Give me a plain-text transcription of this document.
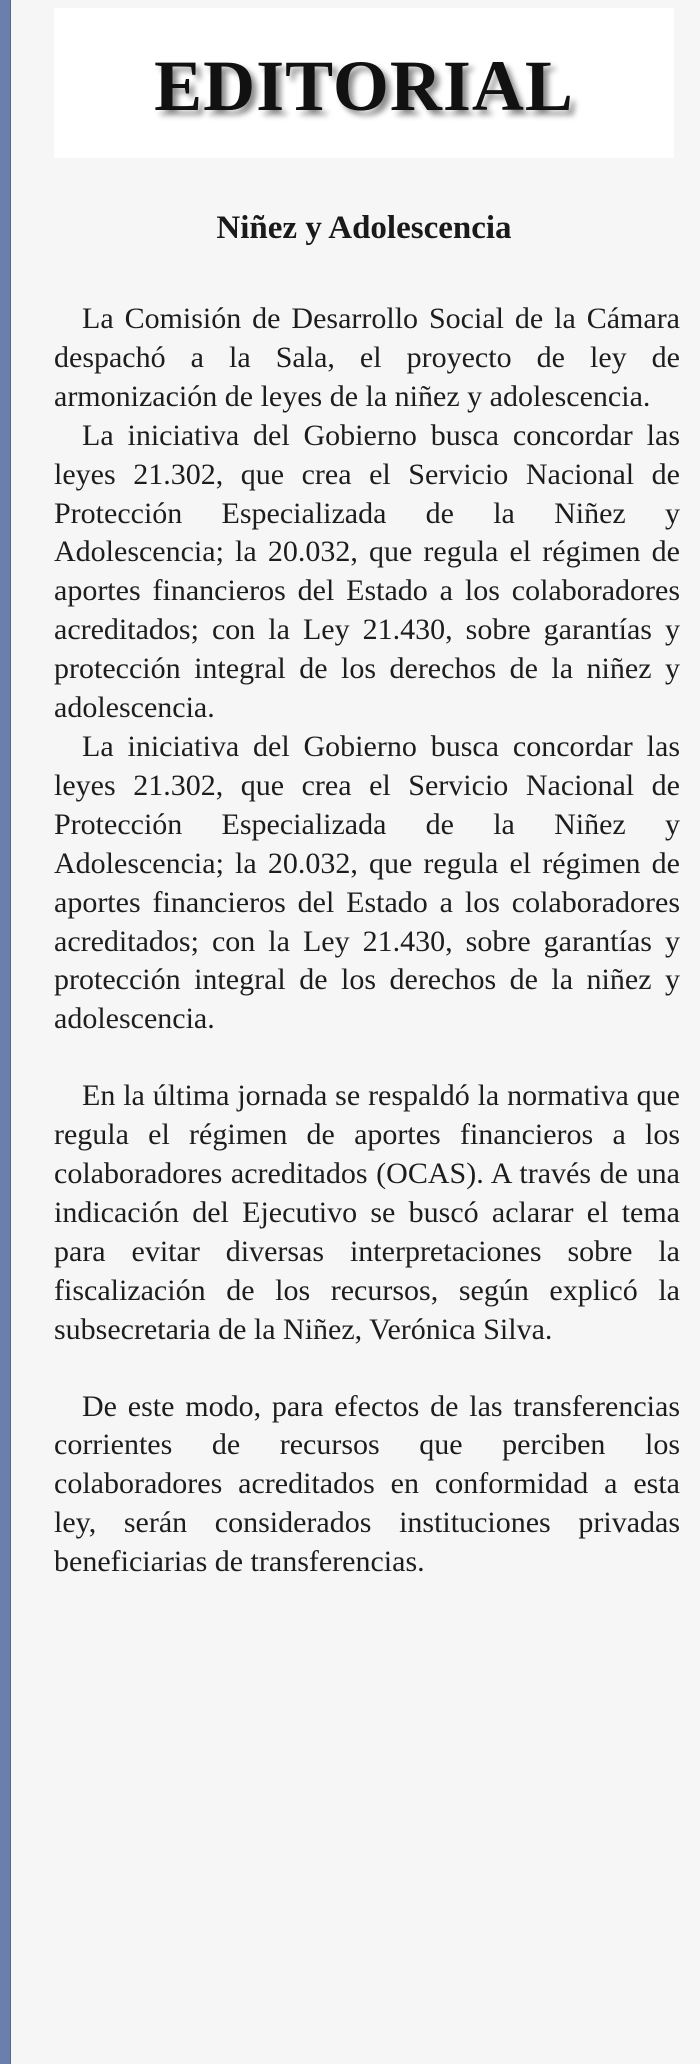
EDITORIAL
Niñez y Adolescencia

La Comisión de Desarrollo Social de la Cámara despachó a la Sala, el proyecto de ley de armonización de leyes de la niñez y adolescencia.

La iniciativa del Gobierno busca concordar las leyes 21.302, que crea el Servicio Nacional de Protección Especializada de la Niñez y Adolescencia; la 20.032, que regula el régimen de aportes financieros del Estado a los colaboradores acreditados; con la Ley 21.430, sobre garantías y protección integral de los derechos de la niñez y adolescencia.

La iniciativa del Gobierno busca concordar las leyes 21.302, que crea el Servicio Nacional de Protección Especializada de la Niñez y Adolescencia; la 20.032, que regula el régimen de aportes financieros del Estado a los colaboradores acreditados; con la Ley 21.430, sobre garantías y protección integral de los derechos de la niñez y adolescencia.

En la última jornada se respaldó la normativa que regula el régimen de aportes financieros a los colaboradores acreditados (OCAS). A través de una indicación del Ejecutivo se buscó aclarar el tema para evitar diversas interpretaciones sobre la fiscalización de los recursos, según explicó la subsecretaria de la Niñez, Verónica Silva.

De este modo, para efectos de las transferencias corrientes de recursos que perciben los colaboradores acreditados en conformidad a esta ley, serán considerados instituciones privadas beneficiarias de transferencias.
